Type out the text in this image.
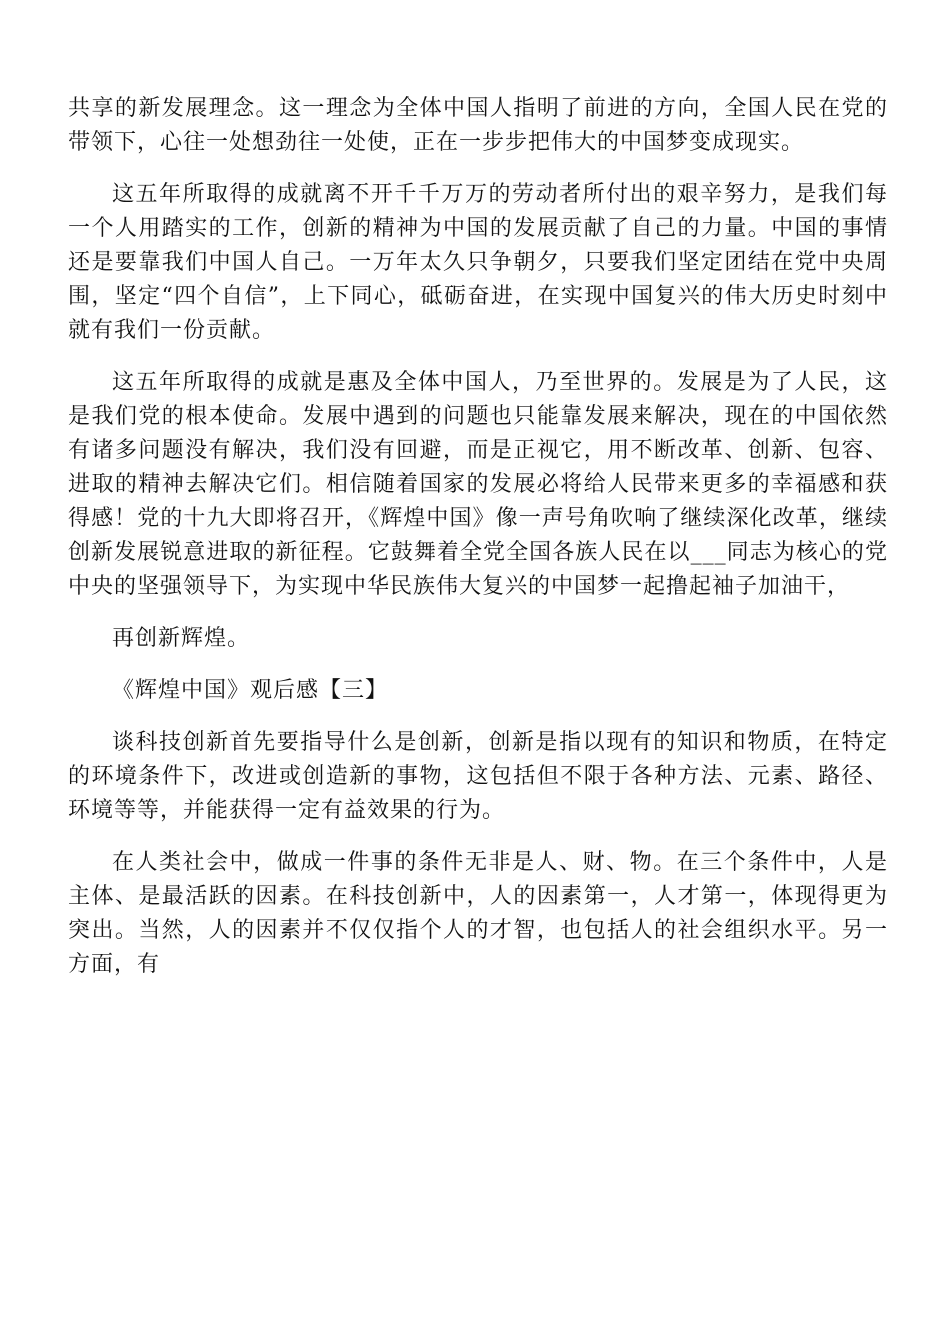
共享的新发展理念。这一理念为全体中国人指明了前进的方向，全国人民在党的带领下，心往一处想劲往一处使，正在一步步把伟大的中国梦变成现实。

这五年所取得的成就离不开千千万万的劳动者所付出的艰辛努力，是我们每一个人用踏实的工作，创新的精神为中国的发展贡献了自己的力量。中国的事情还是要靠我们中国人自己。一万年太久只争朝夕，只要我们坚定团结在党中央周围，坚定“四个自信”，上下同心，砥砺奋进，在实现中国复兴的伟大历史时刻中就有我们一份贡献。

这五年所取得的成就是惠及全体中国人，乃至世界的。发展是为了人民，这是我们党的根本使命。发展中遇到的问题也只能靠发展来解决，现在的中国依然有诸多问题没有解决，我们没有回避，而是正视它，用不断改革、创新、包容、进取的精神去解决它们。相信随着国家的发展必将给人民带来更多的幸福感和获得感！党的十九大即将召开，《辉煌中国》像一声号角吹响了继续深化改革，继续创新发展锐意进取的新征程。它鼓舞着全党全国各族人民在以___同志为核心的党中央的坚强领导下，为实现中华民族伟大复兴的中国梦一起撸起袖子加油干，

再创新辉煌。

《辉煌中国》观后感【三】

谈科技创新首先要指导什么是创新，创新是指以现有的知识和物质，在特定的环境条件下，改进或创造新的事物，这包括但不限于各种方法、元素、路径、环境等等，并能获得一定有益效果的行为。

在人类社会中，做成一件事的条件无非是人、财、物。在三个条件中，人是主体、是最活跃的因素。在科技创新中，人的因素第一，人才第一，体现得更为突出。当然，人的因素并不仅仅指个人的才智，也包括人的社会组织水平。另一方面，有
